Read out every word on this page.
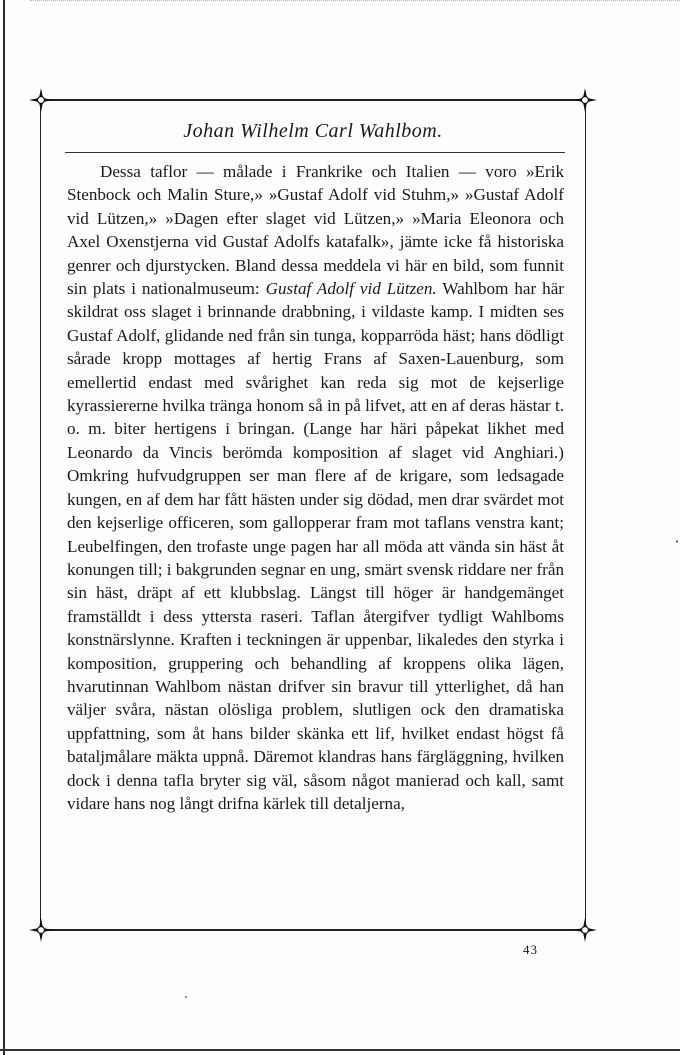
Johan Wilhelm Carl Wahlbom.

Dessa taflor — målade i Frankrike och Italien — voro »Erik Stenbock och Malin Sture,» »Gustaf Adolf vid Stuhm,» »Gustaf Adolf vid Lützen,» »Dagen efter slaget vid Lützen,» »Maria Eleonora och Axel Oxenstjerna vid Gustaf Adolfs katafalk», jämte icke få historiska genrer och djurstycken. Bland dessa meddela vi här en bild, som funnit sin plats i nationalmuseum: Gustaf Adolf vid Lützen. Wahlbom har här skildrat oss slaget i brinnande drabbning, i vildaste kamp. I midten ses Gustaf Adolf, glidande ned från sin tunga, kopparröda häst; hans dödligt sårade kropp mottages af hertig Frans af Saxen-Lauenburg, som emellertid endast med svårighet kan reda sig mot de kejserlige kyrassiererne hvilka tränga honom så in på lifvet, att en af deras hästar t. o. m. biter hertigens i bringan. (Lange har häri påpekat likhet med Leonardo da Vincis berömda komposition af slaget vid Anghiari.) Omkring hufvudgruppen ser man flere af de krigare, som ledsagade kungen, en af dem har fått hästen under sig dödad, men drar svärdet mot den kejserlige officeren, som gallopperar fram mot taflans venstra kant; Leubelfingen, den trofaste unge pagen har all möda att vända sin häst åt konungen till; i bakgrunden segnar en ung, smärt svensk riddare ner från sin häst, dräpt af ett klubbslag. Längst till höger är handgemänget framställdt i dess yttersta raseri. Taflan återgifver tydligt Wahlboms konstnärslynne. Kraften i teckningen är uppenbar, likaledes den styrka i komposition, gruppering och behandling af kroppens olika lägen, hvarutinnan Wahlbom nästan drifver sin bravur till ytterlighet, då han väljer svåra, nästan olösliga problem, slutligen ock den dramatiska uppfattning, som åt hans bilder skänka ett lif, hvilket endast högst få bataljmålare mäkta uppnå. Däremot klandras hans färgläggning, hvilken dock i denna tafla bryter sig väl, såsom något manierad och kall, samt vidare hans nog långt drifna kärlek till detaljerna,

43
